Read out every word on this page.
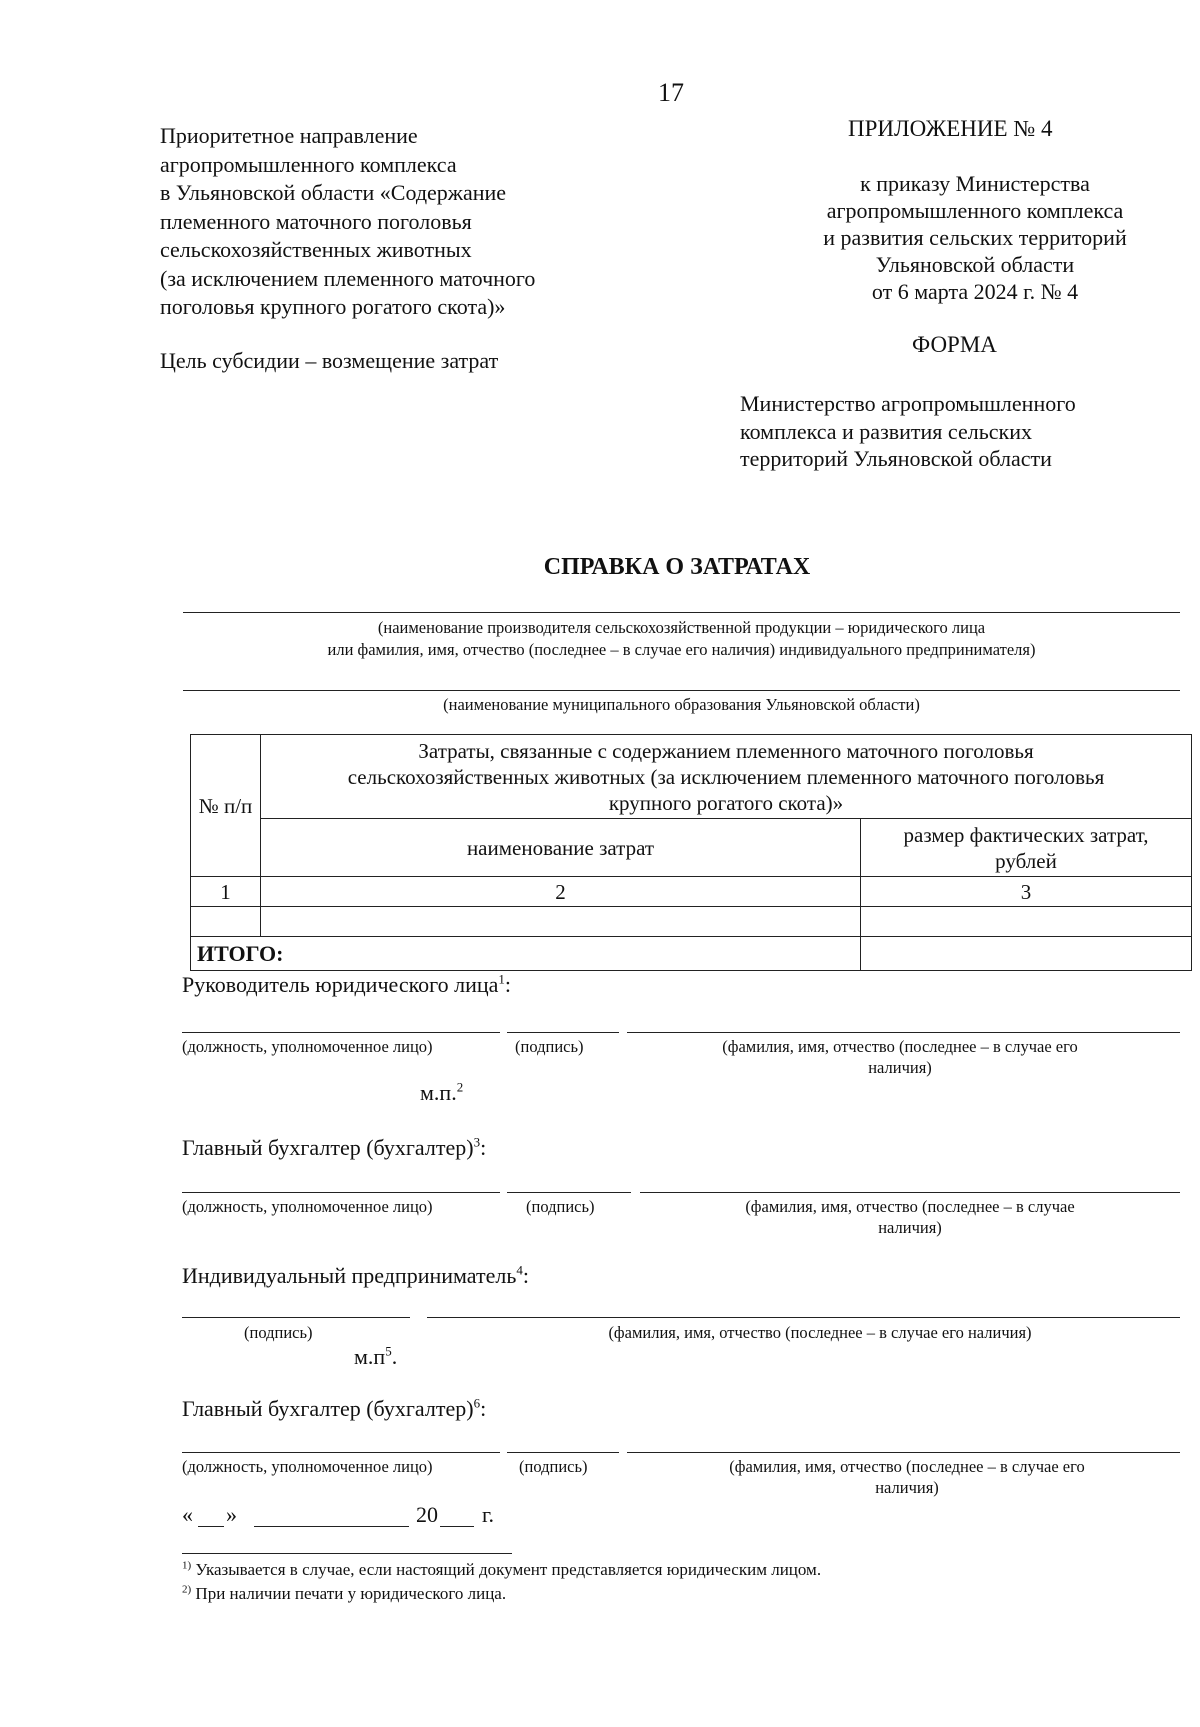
17
Приоритетное направление
агропромышленного комплекса
в Ульяновской области «Содержание
племенного маточного поголовья
сельскохозяйственных животных
(за исключением племенного маточного
поголовья крупного рогатого скота)»
Цель субсидии – возмещение затрат
ПРИЛОЖЕНИЕ № 4
к приказу Министерства
агропромышленного комплекса
и развития сельских территорий
Ульяновской области
от 6 марта 2024 г. № 4
ФОРМА
Министерство агропромышленного
комплекса и развития сельских
территорий Ульяновской области
СПРАВКА О ЗАТРАТАХ
(наименование производителя сельскохозяйственной продукции – юридического лица
или фамилия, имя, отчество (последнее – в случае его наличия) индивидуального предпринимателя)
(наименование муниципального образования Ульяновской области)
№ п/п	Затраты, связанные с содержанием племенного маточного поголовья
сельскохозяйственных животных (за исключением племенного маточного поголовья
крупного рогатого скота)»	

	наименование затрат	размер фактических затрат,
рублей

1	2	3

ИТОГО:		
Руководитель юридического лица$^1$:
(должность, уполномоченное лицо)	(подпись)	(фамилия, имя, отчество (последнее – в случае его
наличия)
м.п.$^2$
Главный бухгалтер (бухгалтер)$^3$:
(должность, уполномоченное лицо)	(подпись)	(фамилия, имя, отчество (последнее – в случае
наличия)
Индивидуальный предприниматель$^4$:
(подпись)	(фамилия, имя, отчество (последнее – в случае его наличия)
$м.п^5$.
Главный бухгалтер (бухгалтер)$^6$:
(должность, уполномоченное лицо)	(подпись)	(фамилия, имя, отчество (последнее – в случае его
наличия)
« »	20 г.
$^{1)}$ Указывается в случае, если настоящий документ представляется юридическим лицом.
$^{2)}$ При наличии печати у юридического лица.
